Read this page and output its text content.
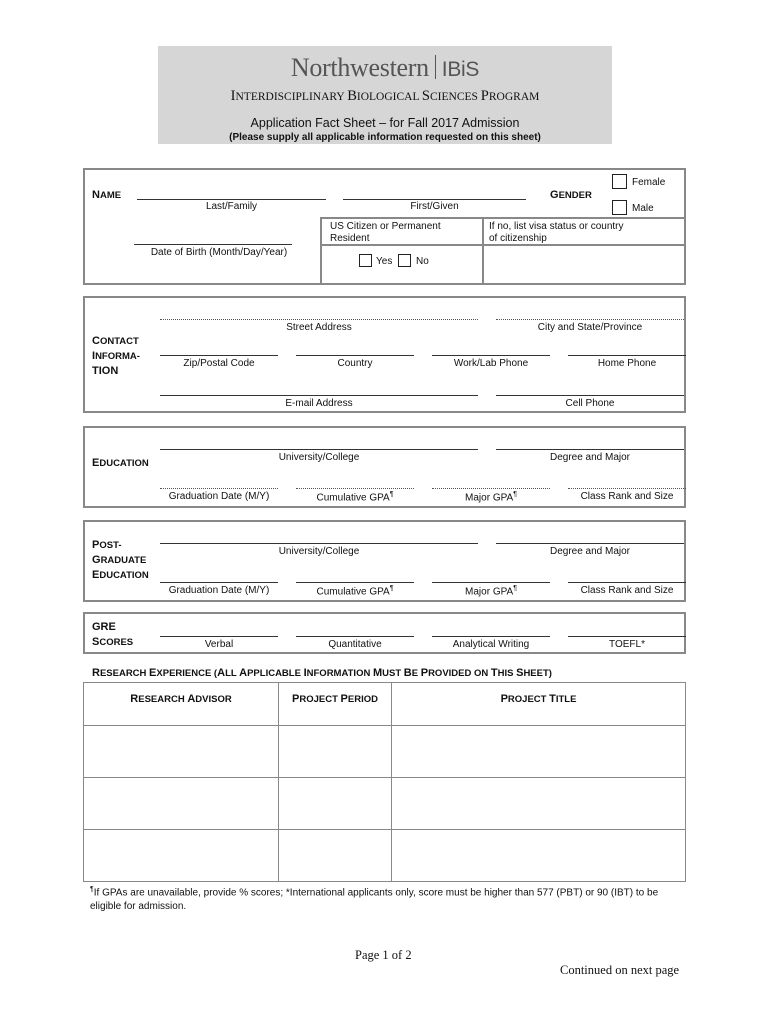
Northwestern IBiS
INTERDISCIPLINARY BIOLOGICAL SCIENCES PROGRAM
Application Fact Sheet – for Fall 2017 Admission
(Please supply all applicable information requested on this sheet)
NAME
Last/Family	First/Given
GENDER
Female
Male
US Citizen or Permanent Resident
If no, list visa status or country of citizenship
Yes No
Date of Birth (Month/Day/Year)
CONTACT
INFORMA-
TION
Street Address	City and State/Province
Zip/Postal Code	Country	Work/Lab Phone	Home Phone
E-mail Address	Cell Phone
EDUCATION
University/College	Degree and Major
Graduation Date (M/Y)	Cumulative GPA¶	Major GPA¶	Class Rank and Size
POST-
GRADUATE
EDUCATION
University/College	Degree and Major
Graduation Date (M/Y)	Cumulative GPA¶	Major GPA¶	Class Rank and Size
GRE
SCORES	Verbal	Quantitative	Analytical Writing	TOEFL*
RESEARCH EXPERIENCE (ALL APPLICABLE INFORMATION MUST BE PROVIDED ON THIS SHEET)
RESEARCH ADVISOR	PROJECT PERIOD	PROJECT TITLE

¶If GPAs are unavailable, provide % scores; *International applicants only, score must be higher than 577 (PBT) or 90 (IBT) to be eligible for admission.
Page 1 of 2
Continued on next page
